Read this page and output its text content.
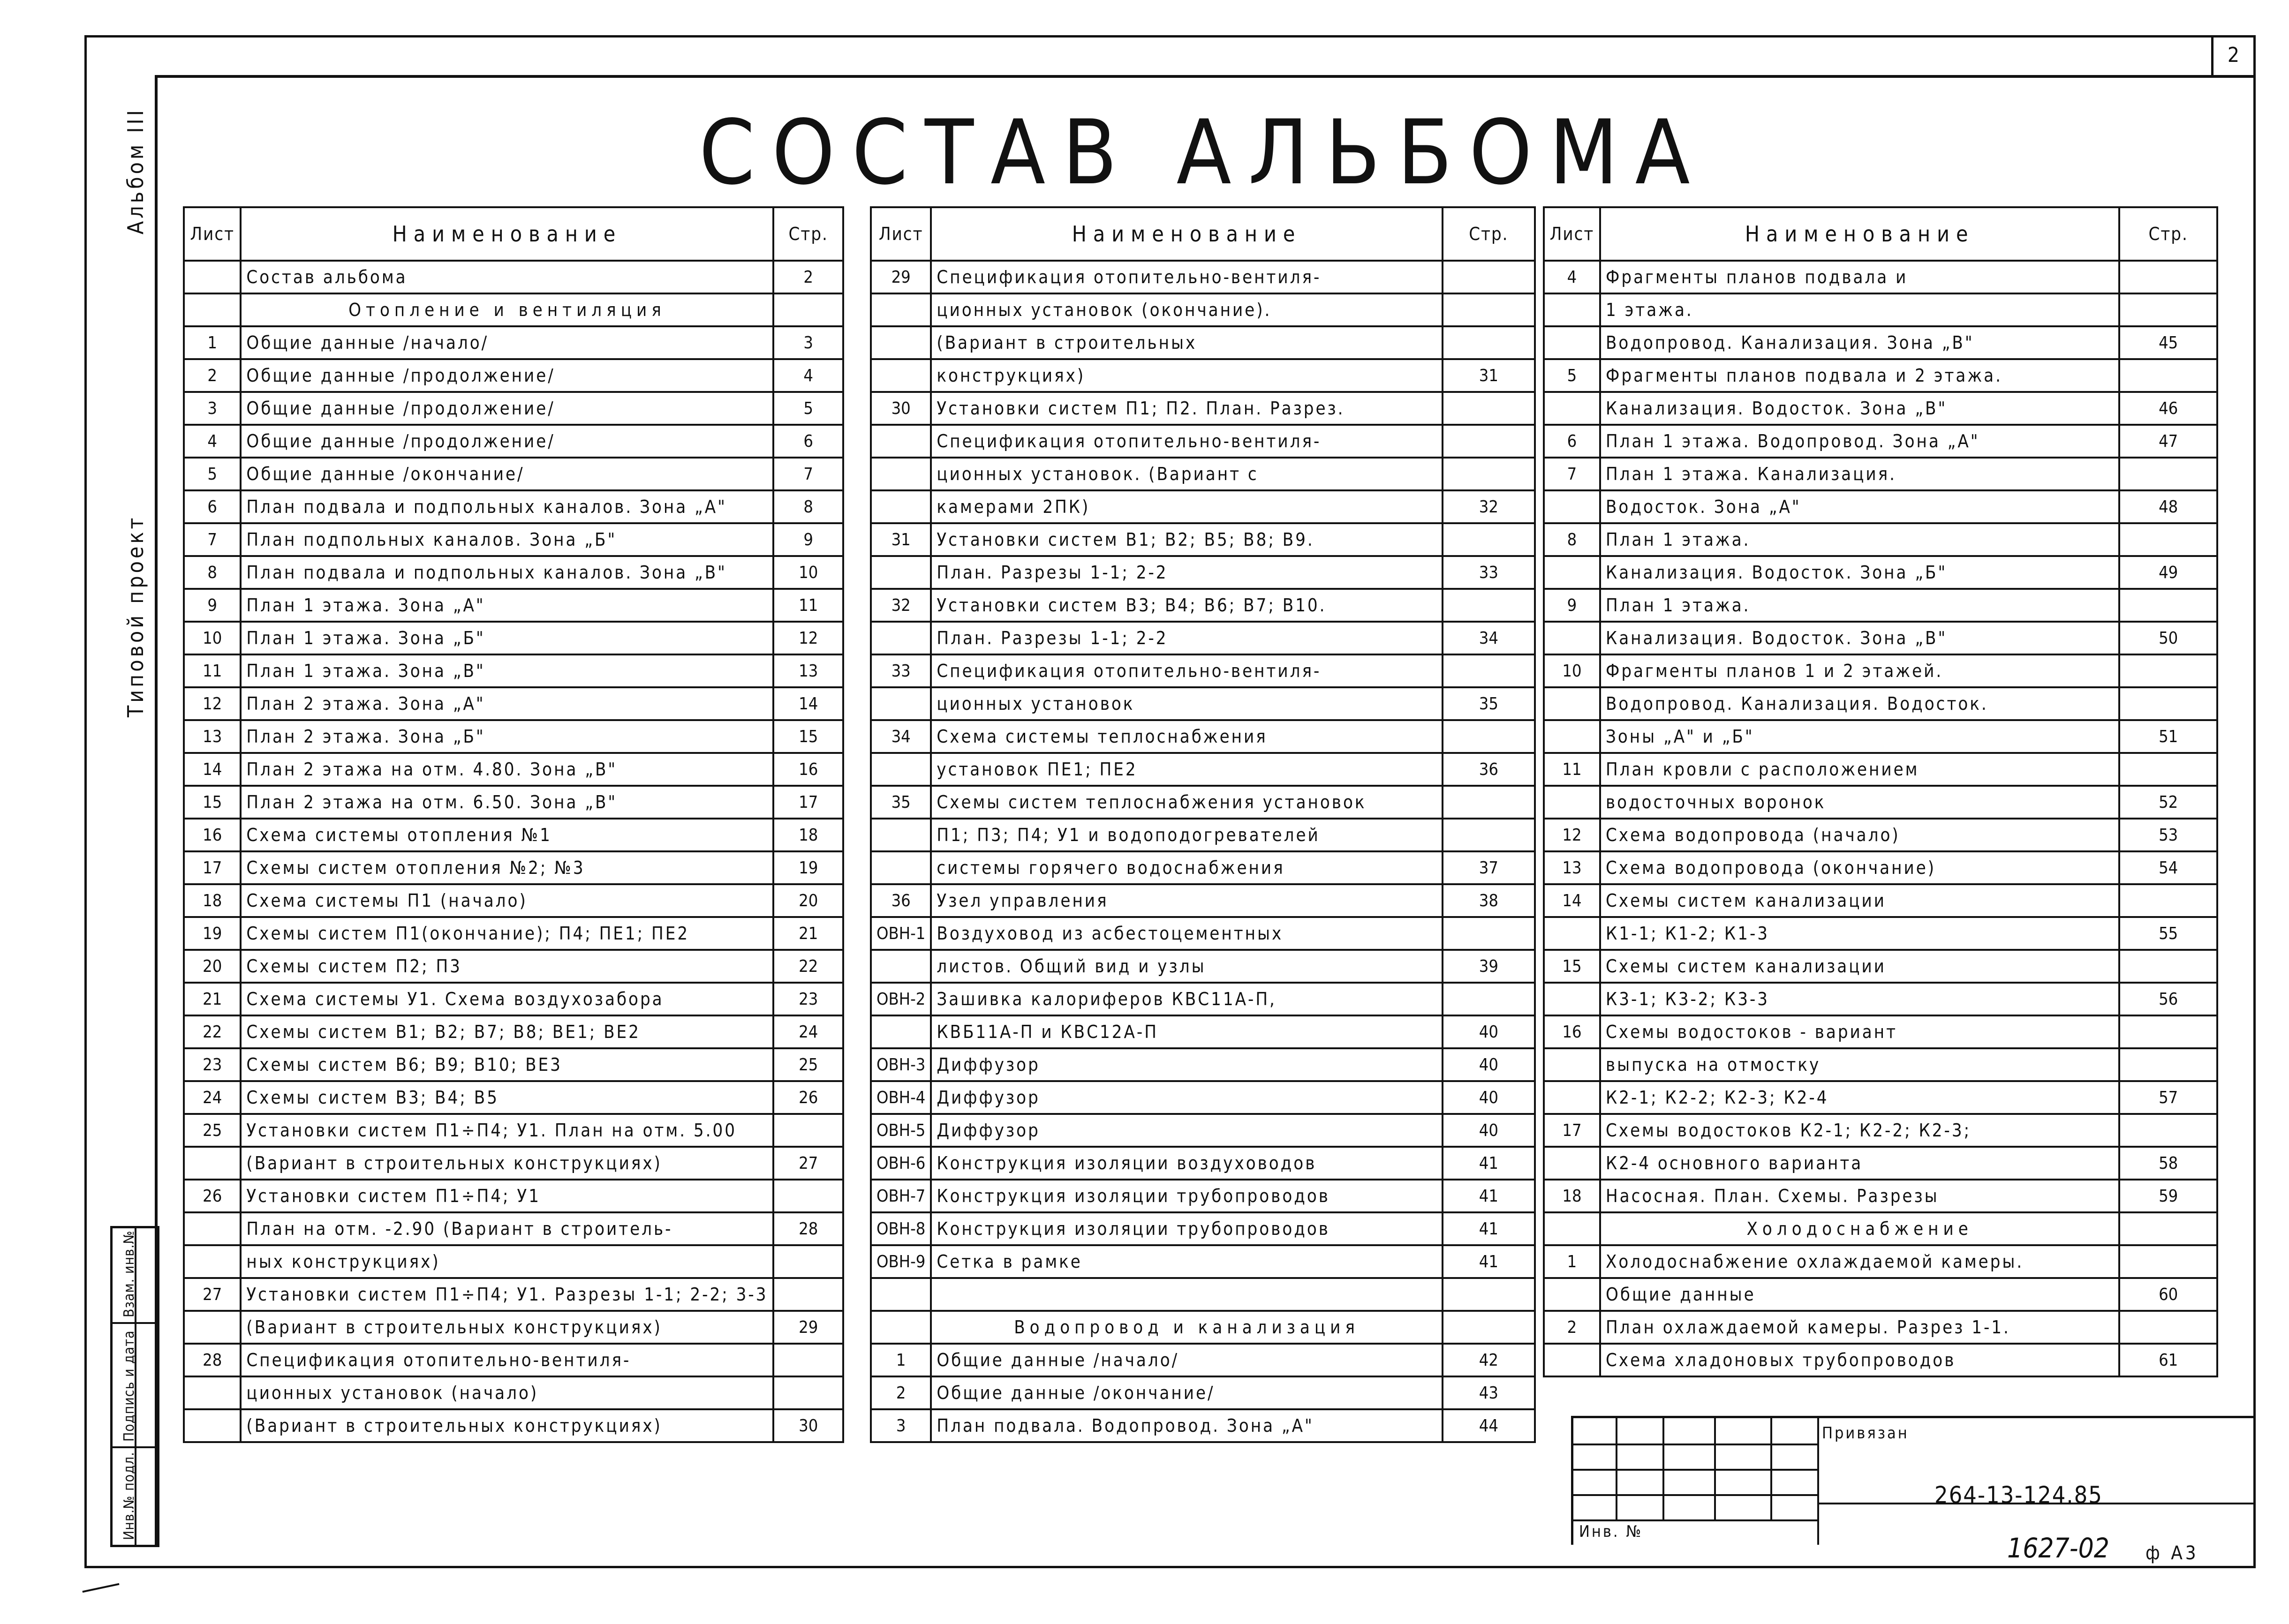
2
Альбом III
Типовой проект
Взам. инв.№
Подпись и дата
Инв.№ подл.
СОСТАВ АЛЬБОМА
Лист	Наименование	Стр.
	Состав альбома	2
	Отопление и вентиляция	
1	Общие данные /начало/	3
2	Общие данные /продолжение/	4
3	Общие данные /продолжение/	5
4	Общие данные /продолжение/	6
5	Общие данные /окончание/	7
6	План подвала и подпольных каналов. Зона „А"	8
7	План подпольных каналов. Зона „Б"	9
8	План подвала и подпольных каналов. Зона „В"	10
9	План 1 этажа. Зона „А"	11
10	План 1 этажа. Зона „Б"	12
11	План 1 этажа. Зона „В"	13
12	План 2 этажа. Зона „А"	14
13	План 2 этажа. Зона „Б"	15
14	План 2 этажа на отм. 4.80. Зона „В"	16
15	План 2 этажа на отм. 6.50. Зона „В"	17
16	Схема системы отопления №1	18
17	Схемы систем отопления №2; №3	19
18	Схема системы П1 (начало)	20
19	Схемы систем П1(окончание); П4; ПЕ1; ПЕ2	21
20	Схемы систем П2; П3	22
21	Схема системы У1. Схема воздухозабора	23
22	Схемы систем В1; В2; В7; В8; ВЕ1; ВЕ2	24
23	Схемы систем В6; В9; В10; ВЕ3	25
24	Схемы систем В3; В4; В5	26
25	Установки систем П1÷П4; У1. План на отм. 5.00	
	(Вариант в строительных конструкциях)	27
26	Установки систем П1÷П4; У1	
	План на отм. -2.90 (Вариант в строитель-	28
	ных конструкциях)	
27	Установки систем П1÷П4; У1. Разрезы 1-1; 2-2; 3-3	
	(Вариант в строительных конструкциях)	29
28	Спецификация отопительно-вентиля-	
	ционных установок (начало)	
	(Вариант в строительных конструкциях)	30
Лист	Наименование	Стр.
29	Спецификация отопительно-вентиля-	
	ционных установок (окончание).	
	(Вариант в строительных	
	конструкциях)	31
30	Установки систем П1; П2. План. Разрез.	
	Спецификация отопительно-вентиля-	
	ционных установок. (Вариант с	
	камерами 2ПК)	32
31	Установки систем В1; В2; В5; В8; В9.	
	План. Разрезы 1-1; 2-2	33
32	Установки систем В3; В4; В6; В7; В10.	
	План. Разрезы 1-1; 2-2	34
33	Спецификация отопительно-вентиля-	
	ционных установок	35
34	Схема системы теплоснабжения	
	установок ПЕ1; ПЕ2	36
35	Схемы систем теплоснабжения установок	
	П1; П3; П4; У1 и водоподогревателей	
	системы горячего водоснабжения	37
36	Узел управления	38
ОВН-1	Воздуховод из асбестоцементных	
	листов. Общий вид и узлы	39
ОВН-2	Зашивка калориферов КВС11А-П,	
	КВБ11А-П и КВС12А-П	40
ОВН-3	Диффузор	40
ОВН-4	Диффузор	40
ОВН-5	Диффузор	40
ОВН-6	Конструкция изоляции воздуховодов	41
ОВН-7	Конструкция изоляции трубопроводов	41
ОВН-8	Конструкция изоляции трубопроводов	41
ОВН-9	Сетка в рамке	41

	Водопровод и канализация	
1	Общие данные /начало/	42
2	Общие данные /окончание/	43
3	План подвала. Водопровод. Зона „А"	44
Лист	Наименование	Стр.
4	Фрагменты планов подвала и	
	1 этажа.	
	Водопровод. Канализация. Зона „В"	45
5	Фрагменты планов подвала и 2 этажа.	
	Канализация. Водосток. Зона „В"	46
6	План 1 этажа. Водопровод. Зона „А"	47
7	План 1 этажа. Канализация.	
	Водосток. Зона „А"	48
8	План 1 этажа.	
	Канализация. Водосток. Зона „Б"	49
9	План 1 этажа.	
	Канализация. Водосток. Зона „В"	50
10	Фрагменты планов 1 и 2 этажей.	
	Водопровод. Канализация. Водосток.	
	Зоны „А" и „Б"	51
11	План кровли с расположением	
	водосточных воронок	52
12	Схема водопровода (начало)	53
13	Схема водопровода (окончание)	54
14	Схемы систем канализации	
	К1-1; К1-2; К1-3	55
15	Схемы систем канализации	
	К3-1; К3-2; К3-3	56
16	Схемы водостоков - вариант	
	выпуска на отмостку	
	К2-1; К2-2; К2-3; К2-4	57
17	Схемы водостоков К2-1; К2-2; К2-3;	
	К2-4 основного варианта	58
18	Насосная. План. Схемы. Разрезы	59
	Холодоснабжение	
1	Холодоснабжение охлаждаемой камеры.	
	Общие данные	60
2	План охлаждаемой камеры. Разрез 1-1.	
	Схема хладоновых трубопроводов	61
Привязан
264-13-124.85
Инв. №
1627-02 ф А3
